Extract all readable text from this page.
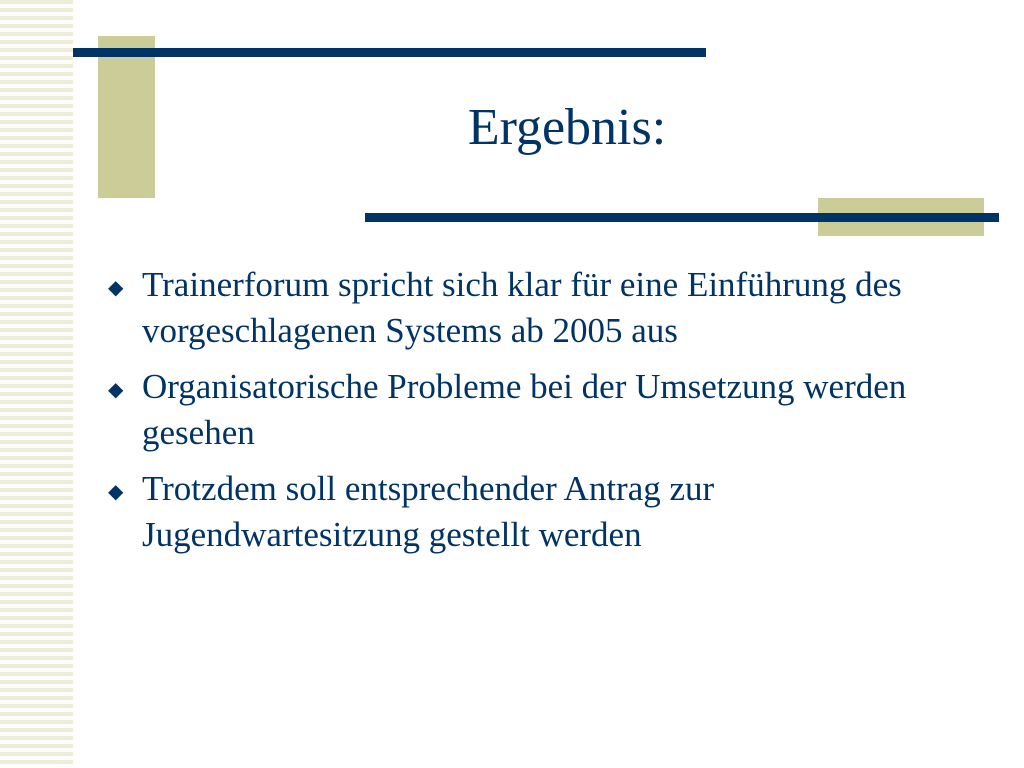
Ergebnis:
◆ Trainerforum spricht sich klar für eine Einführung des vorgeschlagenen Systems ab 2005 aus
◆ Organisatorische Probleme bei der Umsetzung werden gesehen
◆ Trotzdem soll entsprechender Antrag zur Jugendwartesitzung gestellt werden
